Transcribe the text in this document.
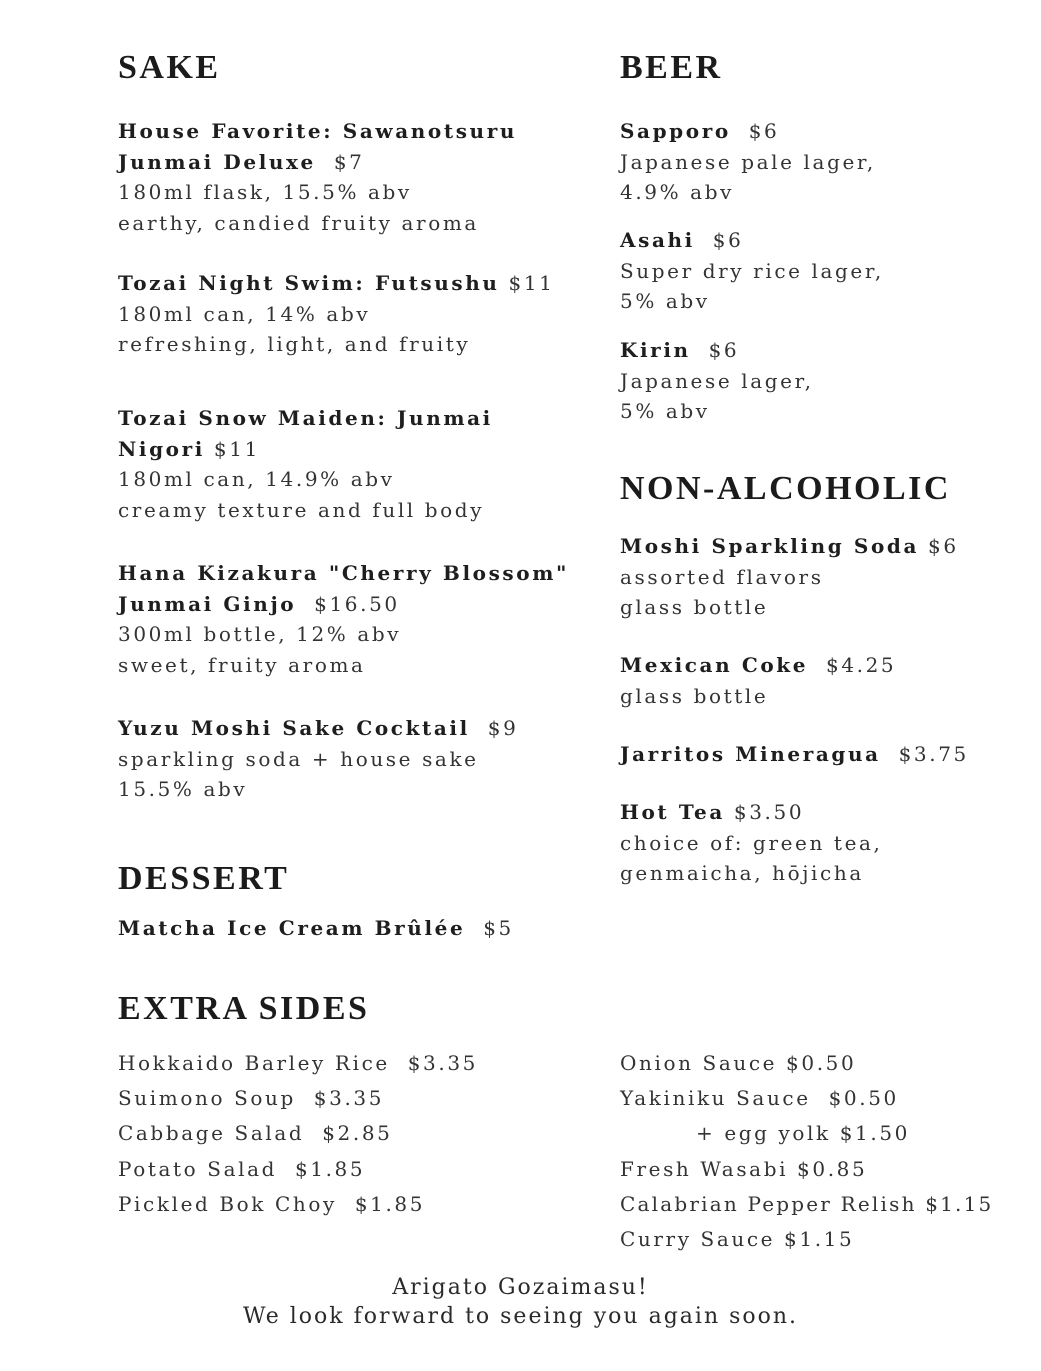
SAKE
House Favorite: Sawanotsuru
Junmai Deluxe $7
180ml flask, 15.5% abv
earthy, candied fruity aroma
Tozai Night Swim: Futsushu $11
180ml can, 14% abv
refreshing, light, and fruity
Tozai Snow Maiden: Junmai
Nigori $11
180ml can, 14.9% abv
creamy texture and full body
Hana Kizakura "Cherry Blossom"
Junmai Ginjo $16.50
300ml bottle, 12% abv
sweet, fruity aroma
Yuzu Moshi Sake Cocktail $9
sparkling soda + house sake
15.5% abv
BEER
Sapporo $6
Japanese pale lager,
4.9% abv
Asahi $6
Super dry rice lager,
5% abv
Kirin $6
Japanese lager,
5% abv
NON-ALCOHOLIC
Moshi Sparkling Soda $6
assorted flavors
glass bottle
Mexican Coke $4.25
glass bottle
Jarritos Mineragua $3.75
Hot Tea $3.50
choice of: green tea,
genmaicha, hōjicha
DESSERT
Matcha Ice Cream Brûlée $5
EXTRA SIDES
Hokkaido Barley Rice  $3.35
Suimono Soup  $3.35
Cabbage Salad  $2.85
Potato Salad  $1.85
Pickled Bok Choy  $1.85
Onion Sauce $0.50
Yakiniku Sauce  $0.50
+ egg yolk $1.50
Fresh Wasabi $0.85
Calabrian Pepper Relish $1.15
Curry Sauce $1.15
Arigato Gozaimasu!
We look forward to seeing you again soon.
